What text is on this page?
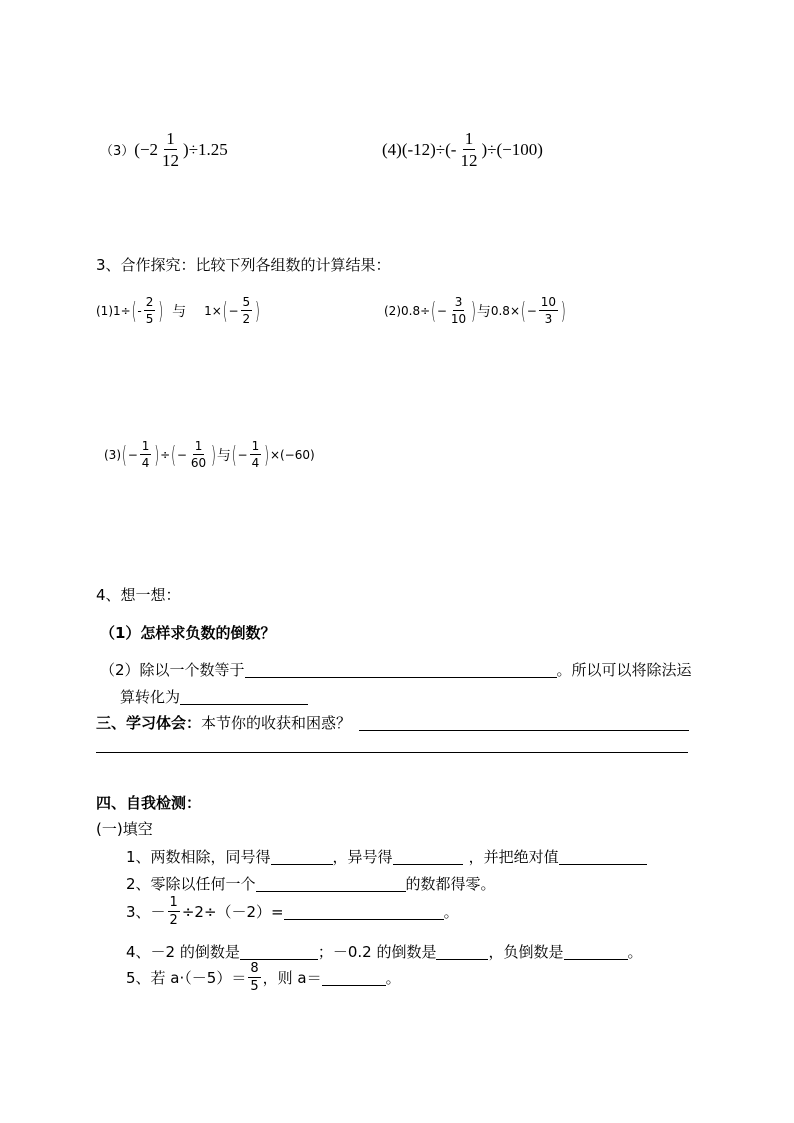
（3） $(-2 \frac{1}{12} )\div 1.25$	(4) $(-12)\div(- \frac{1}{12} )\div(-100)$
3、合作探究：比较下列各组数的计算结果：
(1) 1÷ ( - $\frac{2}{5}$ ) 与 1× ( − $\frac{5}{2}$ )	(2) 0.8÷ ( − $\frac{3}{10}$ ) 与 0.8× ( − $\frac{10}{3}$ )
(3) ( − $\frac{1}{4}$ ) ÷ ( − $\frac{1}{60}$ ) 与 ( − $\frac{1}{4}$ ) ×(−60)
4、想一想：
（1）怎样求负数的倒数？
（2）除以一个数等于	。所以可以将除法运
算转化为
三、学习体会： 本节你的收获和困惑？
四、自我检测：
(一)填空
1、两数相除，同号得	，异号得	，并把绝对值
2、零除以任何一个	的数都得零。
3、－ $\frac{1}{2} \div 2\div(-2)=$	。
4、－2 的倒数是	；－0.2 的倒数是	，负倒数是	。
5、若 $a\cdot(-5)= \frac{8}{5}$ ，则 a＝	。
